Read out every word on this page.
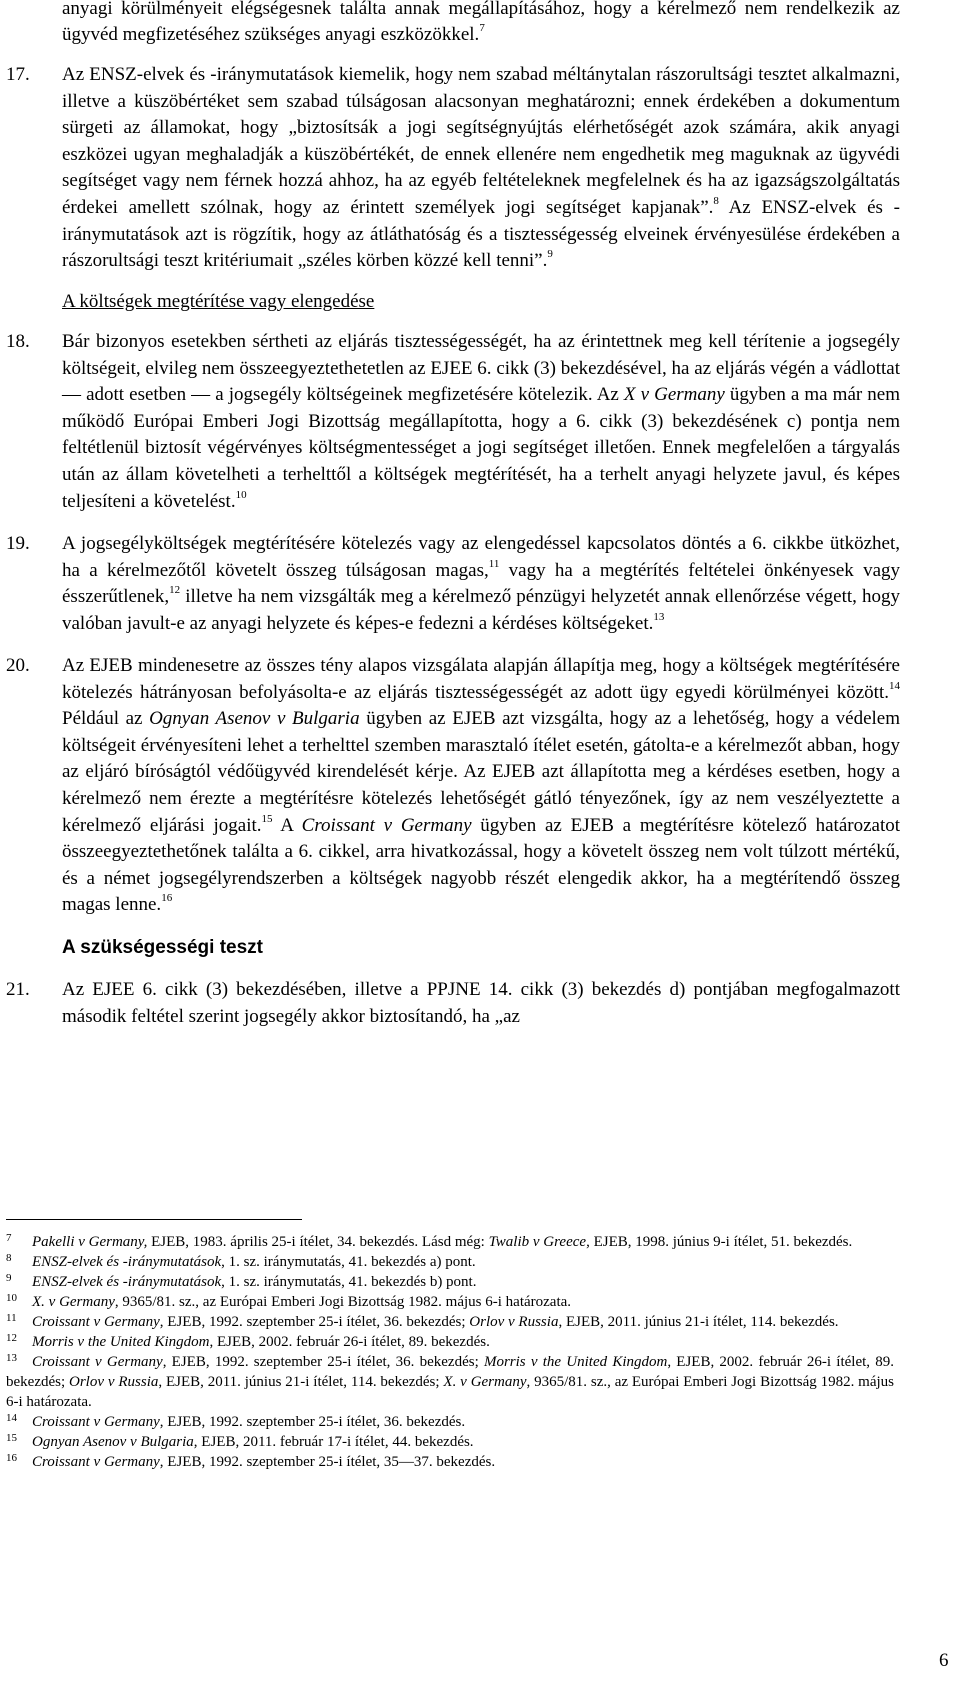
anyagi körülményeit elégségesnek találta annak megállapításához, hogy a kérelmező nem rendelkezik az ügyvéd megfizetéséhez szükséges anyagi eszközökkel.$^7$
17. Az ENSZ-elvek és -iránymutatások kiemelik, hogy nem szabad méltánytalan rászorultsági tesztet alkalmazni, illetve a küszöbértéket sem szabad túlságosan alacsonyan meghatározni; ennek érdekében a dokumentum sürgeti az államokat, hogy „biztosítsák a jogi segítségnyújtás elérhetőségét azok számára, akik anyagi eszközei ugyan meghaladják a küszöbértékét, de ennek ellenére nem engedhetik meg maguknak az ügyvédi segítséget vagy nem férnek hozzá ahhoz, ha az egyéb feltételeknek megfelelnek és ha az igazságszolgáltatás érdekei amellett szólnak, hogy az érintett személyek jogi segítséget kapjanak”.$^8$ Az ENSZ-elvek és -iránymutatások azt is rögzítik, hogy az átláthatóság és a tisztességesség elveinek érvényesülése érdekében a rászorultsági teszt kritériumait „széles körben közzé kell tenni”.$^9$
A költségek megtérítése vagy elengedése
18. Bár bizonyos esetekben sértheti az eljárás tisztességességét, ha az érintettnek meg kell térítenie a jogsegély költségeit, elvileg nem összeegyeztethetetlen az EJEE 6. cikk (3) bekezdésével, ha az eljárás végén a vádlottat — adott esetben — a jogsegély költségeinek megfizetésére kötelezik. Az X v Germany ügyben a ma már nem működő Európai Emberi Jogi Bizottság megállapította, hogy a 6. cikk (3) bekezdésének c) pontja nem feltétlenül biztosít végérvényes költségmentességet a jogi segítséget illetően. Ennek megfelelően a tárgyalás után az állam követelheti a terhelttől a költségek megtérítését, ha a terhelt anyagi helyzete javul, és képes teljesíteni a követelést.$^{10}$
19. A jogsegélyköltségek megtérítésére kötelezés vagy az elengedéssel kapcsolatos döntés a 6. cikkbe ütközhet, ha a kérelmezőtől követelt összeg túlságosan magas,$^{11}$ vagy ha a megtérítés feltételei önkényesek vagy ésszerűtlenek,$^{12}$ illetve ha nem vizsgálták meg a kérelmező pénzügyi helyzetét annak ellenőrzése végett, hogy valóban javult-e az anyagi helyzete és képes-e fedezni a kérdéses költségeket.$^{13}$
20. Az EJEB mindenesetre az összes tény alapos vizsgálata alapján állapítja meg, hogy a költségek megtérítésére kötelezés hátrányosan befolyásolta-e az eljárás tisztességességét az adott ügy egyedi körülményei között.$^{14}$ Például az Ognyan Asenov v Bulgaria ügyben az EJEB azt vizsgálta, hogy az a lehetőség, hogy a védelem költségeit érvényesíteni lehet a terhelttel szemben marasztaló ítélet esetén, gátolta-e a kérelmezőt abban, hogy az eljáró bíróságtól védőügyvéd kirendelését kérje. Az EJEB azt állapította meg a kérdéses esetben, hogy a kérelmező nem érezte a megtérítésre kötelezés lehetőségét gátló tényezőnek, így az nem veszélyeztette a kérelmező eljárási jogait.$^{15}$ A Croissant v Germany ügyben az EJEB a megtérítésre kötelező határozatot összeegyeztethetőnek találta a 6. cikkel, arra hivatkozással, hogy a követelt összeg nem volt túlzott mértékű, és a német jogsegélyrendszerben a költségek nagyobb részét elengedik akkor, ha a megtérítendő összeg magas lenne.$^{16}$
A szükségességi teszt
21. Az EJEE 6. cikk (3) bekezdésében, illetve a PPJNE 14. cikk (3) bekezdés d) pontjában megfogalmazott második feltétel szerint jogsegély akkor biztosítandó, ha „az
7 Pakelli v Germany, EJEB, 1983. április 25-i ítélet, 34. bekezdés. Lásd még: Twalib v Greece, EJEB, 1998. június 9-i ítélet, 51. bekezdés.
8 ENSZ-elvek és -iránymutatások, 1. sz. iránymutatás, 41. bekezdés a) pont.
9 ENSZ-elvek és -iránymutatások, 1. sz. iránymutatás, 41. bekezdés b) pont.
10 X. v Germany, 9365/81. sz., az Európai Emberi Jogi Bizottság 1982. május 6-i határozata.
11 Croissant v Germany, EJEB, 1992. szeptember 25-i ítélet, 36. bekezdés; Orlov v Russia, EJEB, 2011. június 21-i ítélet, 114. bekezdés.
12 Morris v the United Kingdom, EJEB, 2002. február 26-i ítélet, 89. bekezdés.
13 Croissant v Germany, EJEB, 1992. szeptember 25-i ítélet, 36. bekezdés; Morris v the United Kingdom, EJEB, 2002. február 26-i ítélet, 89. bekezdés; Orlov v Russia, EJEB, 2011. június 21-i ítélet, 114. bekezdés; X. v Germany, 9365/81. sz., az Európai Emberi Jogi Bizottság 1982. május 6-i határozata.
14 Croissant v Germany, EJEB, 1992. szeptember 25-i ítélet, 36. bekezdés.
15 Ognyan Asenov v Bulgaria, EJEB, 2011. február 17-i ítélet, 44. bekezdés.
16 Croissant v Germany, EJEB, 1992. szeptember 25-i ítélet, 35—37. bekezdés.
6
